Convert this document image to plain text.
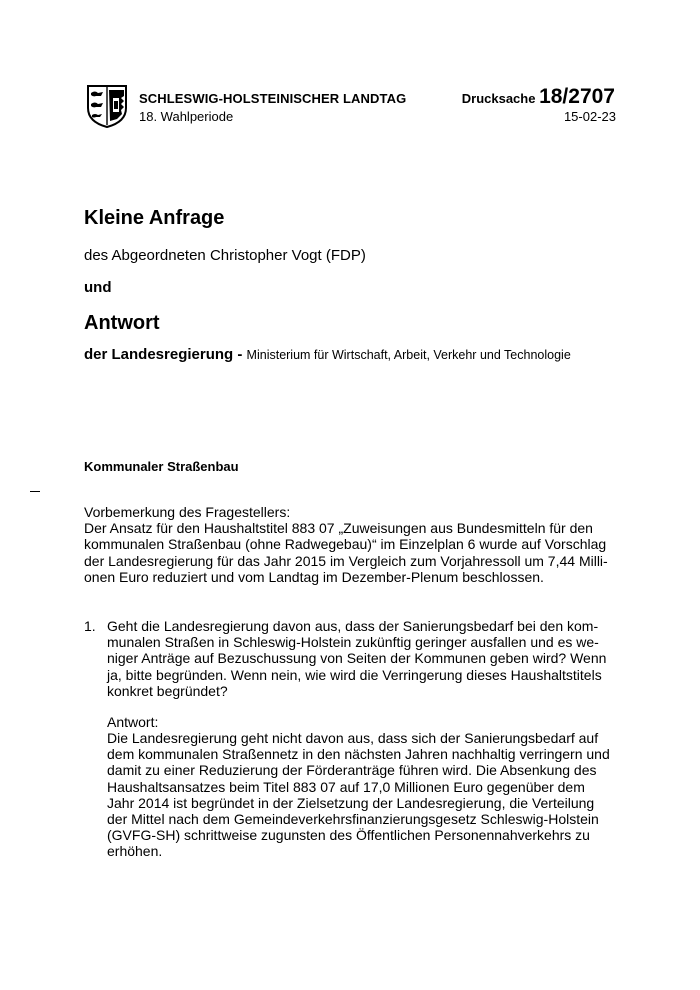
SCHLESWIG-HOLSTEINISCHER LANDTAG
18. Wahlperiode
Drucksache 18/2707
15-02-23
Kleine Anfrage
des Abgeordneten Christopher Vogt (FDP)
und
Antwort
der Landesregierung - Ministerium für Wirtschaft, Arbeit, Verkehr und Technologie
Kommunaler Straßenbau

Vorbemerkung des Fragestellers:

Der Ansatz für den Haushaltstitel 883 07 „Zuweisungen aus Bundesmitteln für den

kommunalen Straßenbau (ohne Radwegebau)“ im Einzelplan 6 wurde auf Vorschlag

der Landesregierung für das Jahr 2015 im Vergleich zum Vorjahressoll um 7,44 Milli-

onen Euro reduziert und vom Landtag im Dezember-Plenum beschlossen.

1. Geht die Landesregierung davon aus, dass der Sanierungsbedarf bei den kom-

munalen Straßen in Schleswig-Holstein zukünftig geringer ausfallen und es we-

niger Anträge auf Bezuschussung von Seiten der Kommunen geben wird? Wenn

ja, bitte begründen. Wenn nein, wie wird die Verringerung dieses Haushaltstitels

konkret begründet?

Antwort:

Die Landesregierung geht nicht davon aus, dass sich der Sanierungsbedarf auf

dem kommunalen Straßennetz in den nächsten Jahren nachhaltig verringern und

damit zu einer Reduzierung der Förderanträge führen wird. Die Absenkung des

Haushaltsansatzes beim Titel 883 07 auf 17,0 Millionen Euro gegenüber dem

Jahr 2014 ist begründet in der Zielsetzung der Landesregierung, die Verteilung

der Mittel nach dem Gemeindeverkehrsfinanzierungsgesetz Schleswig-Holstein

(GVFG-SH) schrittweise zugunsten des Öffentlichen Personennahverkehrs zu

erhöhen.
